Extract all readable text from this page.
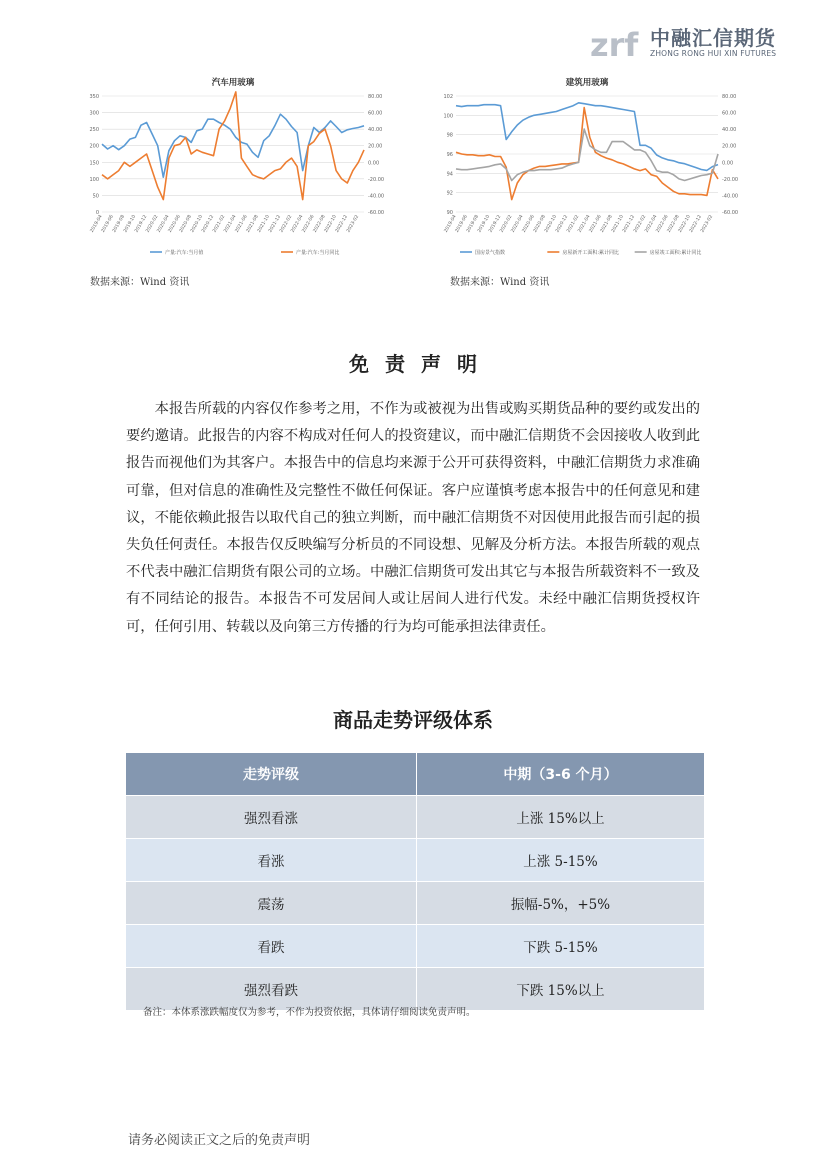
zrf 中融汇信期货
ZHONG RONG HUI XIN FUTURES
汽车用玻璃
0
50
100
150
200
250
300
350
-60.00
-40.00
-20.00
0.00
20.00
40.00
60.00
80.00
2019-04
2019-06
2019-08
2019-10
2019-12
2020-02
2020-04
2020-06
2020-08
2020-10
2020-12
2021-02
2021-04
2021-06
2021-08
2021-10
2021-12
2022-02
2022-04
2022-06
2022-08
2022-10
2022-12
2023-02
产量:汽车:当月值	产量:汽车:当月同比
建筑用玻璃
90
92
94
96
98
100
102
-60.00
-40.00
-20.00
0.00
20.00
40.00
60.00
80.00
2019-04
2019-06
2019-08
2019-10
2019-12
2020-02
2020-04
2020-06
2020-08
2020-10
2020-12
2021-02
2021-04
2021-06
2021-08
2021-10
2021-12
2022-02
2022-04
2022-06
2022-08
2022-10
2022-12
2023-02
国房景气指数	房屋新开工面积:累计同比	房屋竣工面积:累计同比
数据来源：Wind 资讯	数据来源：Wind 资讯
免责声明
本报告所载的内容仅作参考之用，不作为或被视为出售或购买期货品种的要约或发出的要约邀请。此报告的内容不构成对任何人的投资建议，而中融汇信期货不会因接收人收到此报告而视他们为其客户。本报告中的信息均来源于公开可获得资料，中融汇信期货力求准确可靠，但对信息的准确性及完整性不做任何保证。客户应谨慎考虑本报告中的任何意见和建议，不能依赖此报告以取代自己的独立判断，而中融汇信期货不对因使用此报告而引起的损失负任何责任。本报告仅反映编写分析员的不同设想、见解及分析方法。本报告所载的观点不代表中融汇信期货有限公司的立场。中融汇信期货可发出其它与本报告所载资料不一致及有不同结论的报告。本报告不可发居间人或让居间人进行代发。未经中融汇信期货授权许可，任何引用、转载以及向第三方传播的行为均可能承担法律责任。
商品走势评级体系
走势评级	中期（3-6 个月）
强烈看涨	上涨 15%以上
看涨	上涨 5-15%
震荡	振幅-5%，+5%
看跌	下跌 5-15%
强烈看跌	下跌 15%以上
备注：本体系涨跌幅度仅为参考，不作为投资依据，具体请仔细阅读免责声明。
请务必阅读正文之后的免责声明
